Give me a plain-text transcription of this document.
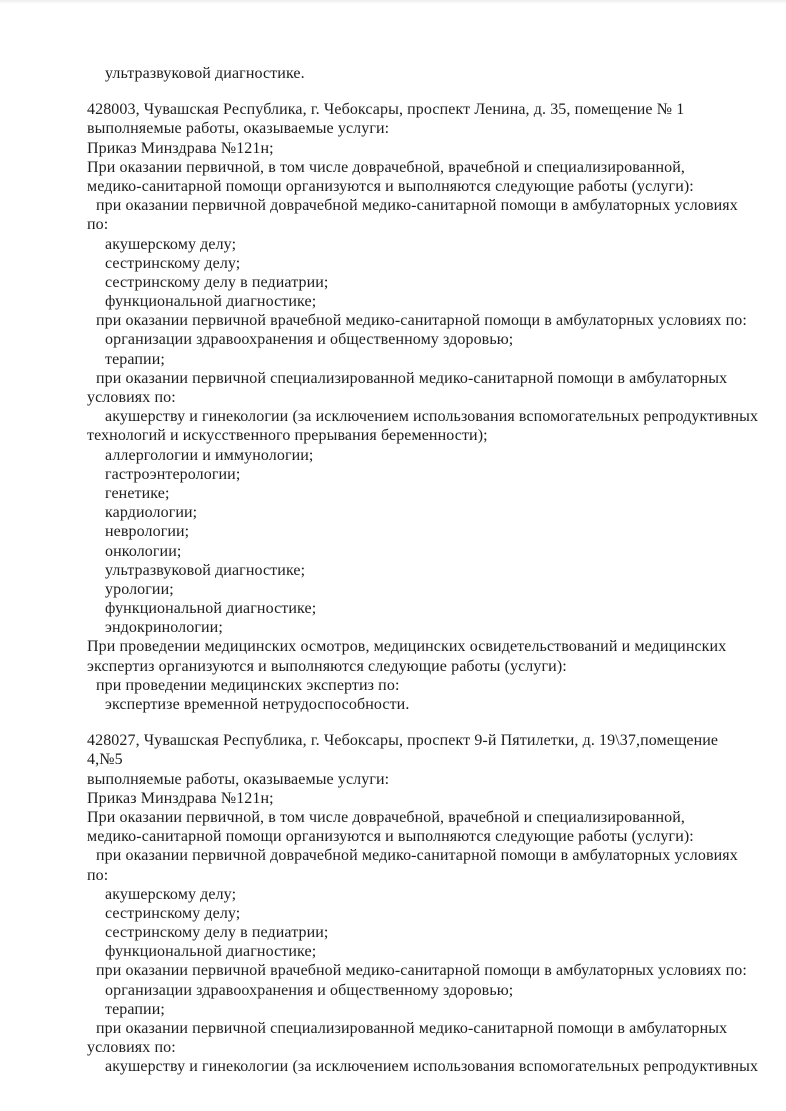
ультразвуковой диагностике.
428003, Чувашская Республика, г. Чебоксары, проспект Ленина, д. 35, помещение № 1
выполняемые работы, оказываемые услуги:
Приказ Минздрава №121н;
При оказании первичной, в том числе доврачебной, врачебной и специализированной,
медико-санитарной помощи организуются и выполняются следующие работы (услуги):
при оказании первичной доврачебной медико-санитарной помощи в амбулаторных условиях
по:
акушерскому делу;
сестринскому делу;
сестринскому делу в педиатрии;
функциональной диагностике;
при оказании первичной врачебной медико-санитарной помощи в амбулаторных условиях по:
организации здравоохранения и общественному здоровью;
терапии;
при оказании первичной специализированной медико-санитарной помощи в амбулаторных
условиях по:
акушерству и гинекологии (за исключением использования вспомогательных репродуктивных
технологий и искусственного прерывания беременности);
аллергологии и иммунологии;
гастроэнтерологии;
генетике;
кардиологии;
неврологии;
онкологии;
ультразвуковой диагностике;
урологии;
функциональной диагностике;
эндокринологии;
При проведении медицинских осмотров, медицинских освидетельствований и медицинских
экспертиз организуются и выполняются следующие работы (услуги):
при проведении медицинских экспертиз по:
экспертизе временной нетрудоспособности.
428027, Чувашская Республика, г. Чебоксары, проспект 9-й Пятилетки, д. 19\37,помещение
4,№5
выполняемые работы, оказываемые услуги:
Приказ Минздрава №121н;
При оказании первичной, в том числе доврачебной, врачебной и специализированной,
медико-санитарной помощи организуются и выполняются следующие работы (услуги):
при оказании первичной доврачебной медико-санитарной помощи в амбулаторных условиях
по:
акушерскому делу;
сестринскому делу;
сестринскому делу в педиатрии;
функциональной диагностике;
при оказании первичной врачебной медико-санитарной помощи в амбулаторных условиях по:
организации здравоохранения и общественному здоровью;
терапии;
при оказании первичной специализированной медико-санитарной помощи в амбулаторных
условиях по:
акушерству и гинекологии (за исключением использования вспомогательных репродуктивных
